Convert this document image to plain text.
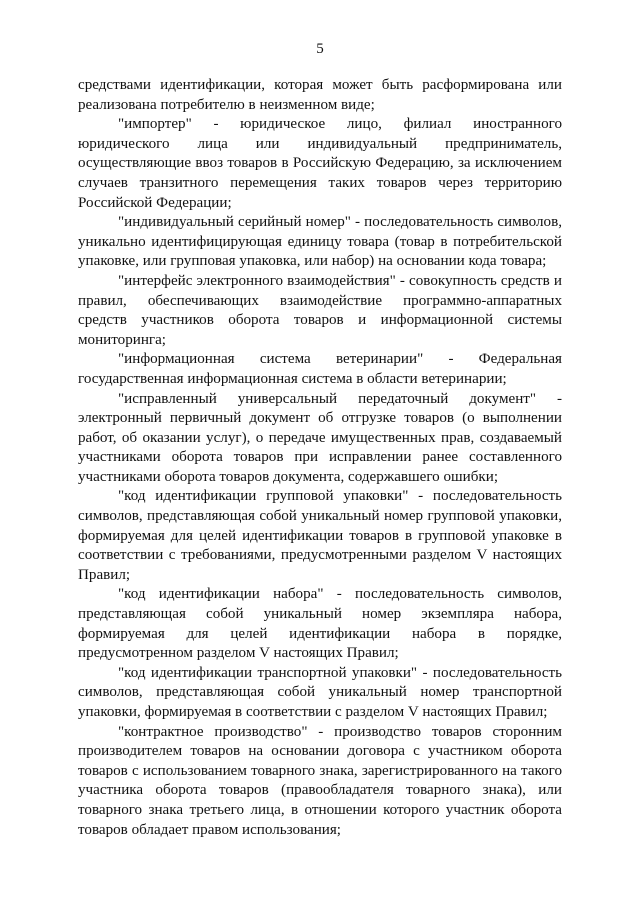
5

средствами идентификации, которая может быть расформирована или реализована потребителю в неизменном виде;

"импортер" - юридическое лицо, филиал иностранного юридического лица или индивидуальный предприниматель, осуществляющие ввоз товаров в Российскую Федерацию, за исключением случаев транзитного перемещения таких товаров через территорию Российской Федерации;

"индивидуальный серийный номер" - последовательность символов, уникально идентифицирующая единицу товара (товар в потребительской упаковке, или групповая упаковка, или набор) на основании кода товара;

"интерфейс электронного взаимодействия" - совокупность средств и правил, обеспечивающих взаимодействие программно-аппаратных средств участников оборота товаров и информационной системы мониторинга;

"информационная система ветеринарии" - Федеральная государственная информационная система в области ветеринарии;

"исправленный универсальный передаточный документ" - электронный первичный документ об отгрузке товаров (о выполнении работ, об оказании услуг), о передаче имущественных прав, создаваемый участниками оборота товаров при исправлении ранее составленного участниками оборота товаров документа, содержавшего ошибки;

"код идентификации групповой упаковки" - последовательность символов, представляющая собой уникальный номер групповой упаковки, формируемая для целей идентификации товаров в групповой упаковке в соответствии с требованиями, предусмотренными разделом V настоящих Правил;

"код идентификации набора" - последовательность символов, представляющая собой уникальный номер экземпляра набора, формируемая для целей идентификации набора в порядке, предусмотренном разделом V настоящих Правил;

"код идентификации транспортной упаковки" - последовательность символов, представляющая собой уникальный номер транспортной упаковки, формируемая в соответствии с разделом V настоящих Правил;

"контрактное производство" - производство товаров сторонним производителем товаров на основании договора с участником оборота товаров с использованием товарного знака, зарегистрированного на такого участника оборота товаров (правообладателя товарного знака), или товарного знака третьего лица, в отношении которого участник оборота товаров обладает правом использования;
